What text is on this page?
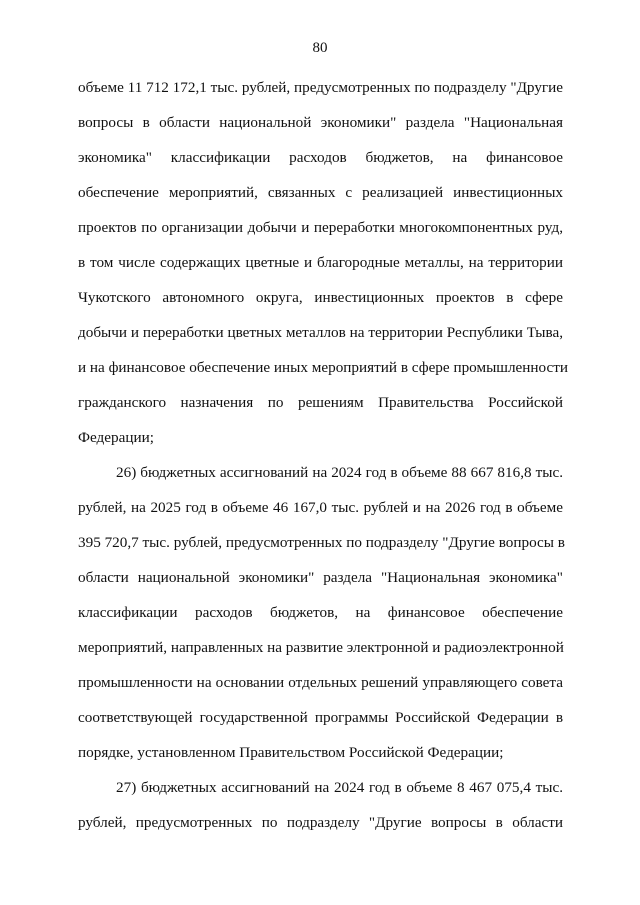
80
объеме 11 712 172,1 тыс. рублей, предусмотренных по подразделу "Другие
вопросы в области национальной экономики" раздела "Национальная
экономика" классификации расходов бюджетов, на финансовое
обеспечение мероприятий, связанных с реализацией инвестиционных
проектов по организации добычи и переработки многокомпонентных руд,
в том числе содержащих цветные и благородные металлы, на территории
Чукотского автономного округа, инвестиционных проектов в сфере
добычи и переработки цветных металлов на территории Республики Тыва,
и на финансовое обеспечение иных мероприятий в сфере промышленности
гражданского назначения по решениям Правительства Российской
Федерации;
26) бюджетных ассигнований на 2024 год в объеме 88 667 816,8 тыс.
рублей, на 2025 год в объеме 46 167,0 тыс. рублей и на 2026 год в объеме
395 720,7 тыс. рублей, предусмотренных по подразделу "Другие вопросы в
области национальной экономики" раздела "Национальная экономика"
классификации расходов бюджетов, на финансовое обеспечение
мероприятий, направленных на развитие электронной и радиоэлектронной
промышленности на основании отдельных решений управляющего совета
соответствующей государственной программы Российской Федерации в
порядке, установленном Правительством Российской Федерации;
27) бюджетных ассигнований на 2024 год в объеме 8 467 075,4 тыс.
рублей, предусмотренных по подразделу "Другие вопросы в области
